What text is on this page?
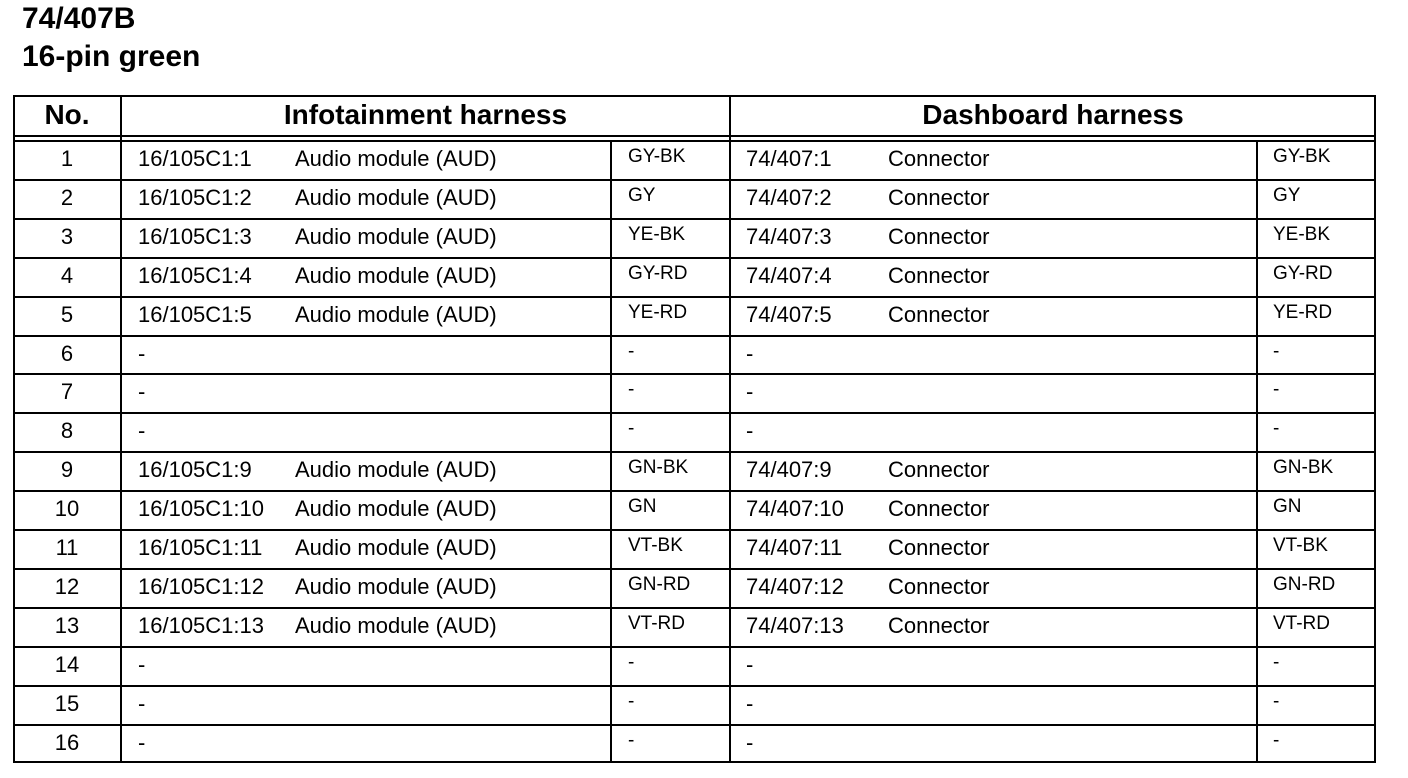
74/407B

16-pin green

No.	Infotainment harness	Dashboard harness
1	16/105C1:1	Audio module (AUD)	GY-BK	74/407:1	Connector	GY-BK
2	16/105C1:2	Audio module (AUD)	GY	74/407:2	Connector	GY
3	16/105C1:3	Audio module (AUD)	YE-BK	74/407:3	Connector	YE-BK
4	16/105C1:4	Audio module (AUD)	GY-RD	74/407:4	Connector	GY-RD
5	16/105C1:5	Audio module (AUD)	YE-RD	74/407:5	Connector	YE-RD
6	-	-	-	-
7	-	-	-	-
8	-	-	-	-
9	16/105C1:9	Audio module (AUD)	GN-BK	74/407:9	Connector	GN-BK
10	16/105C1:10	Audio module (AUD)	GN	74/407:10	Connector	GN
11	16/105C1:11	Audio module (AUD)	VT-BK	74/407:11	Connector	VT-BK
12	16/105C1:12	Audio module (AUD)	GN-RD	74/407:12	Connector	GN-RD
13	16/105C1:13	Audio module (AUD)	VT-RD	74/407:13	Connector	VT-RD
14	-	-	-	-
15	-	-	-	-
16	-	-	-	-
